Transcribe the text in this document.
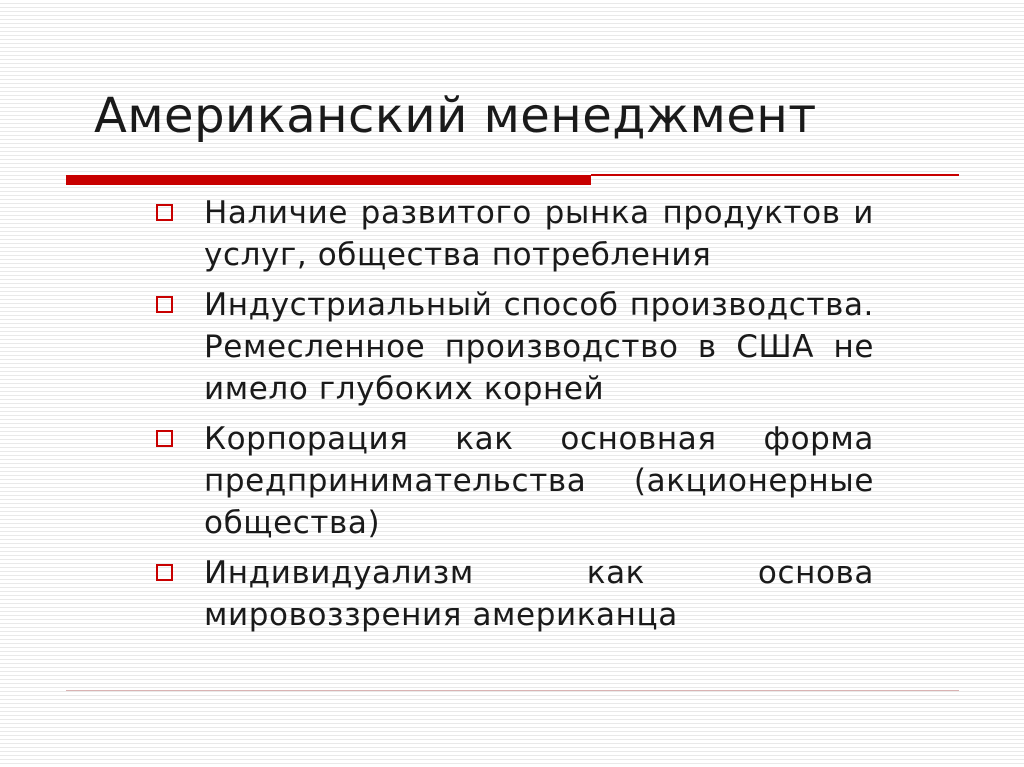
Американский менеджмент
Наличие развитого рынка продуктов и услуг, общества потребления
Индустриальный способ производства. Ремесленное производство в США не имело глубоких корней
Корпорация как основная форма предпринимательства (акционерные общества)
Индивидуализм как основа мировоззрения американца
